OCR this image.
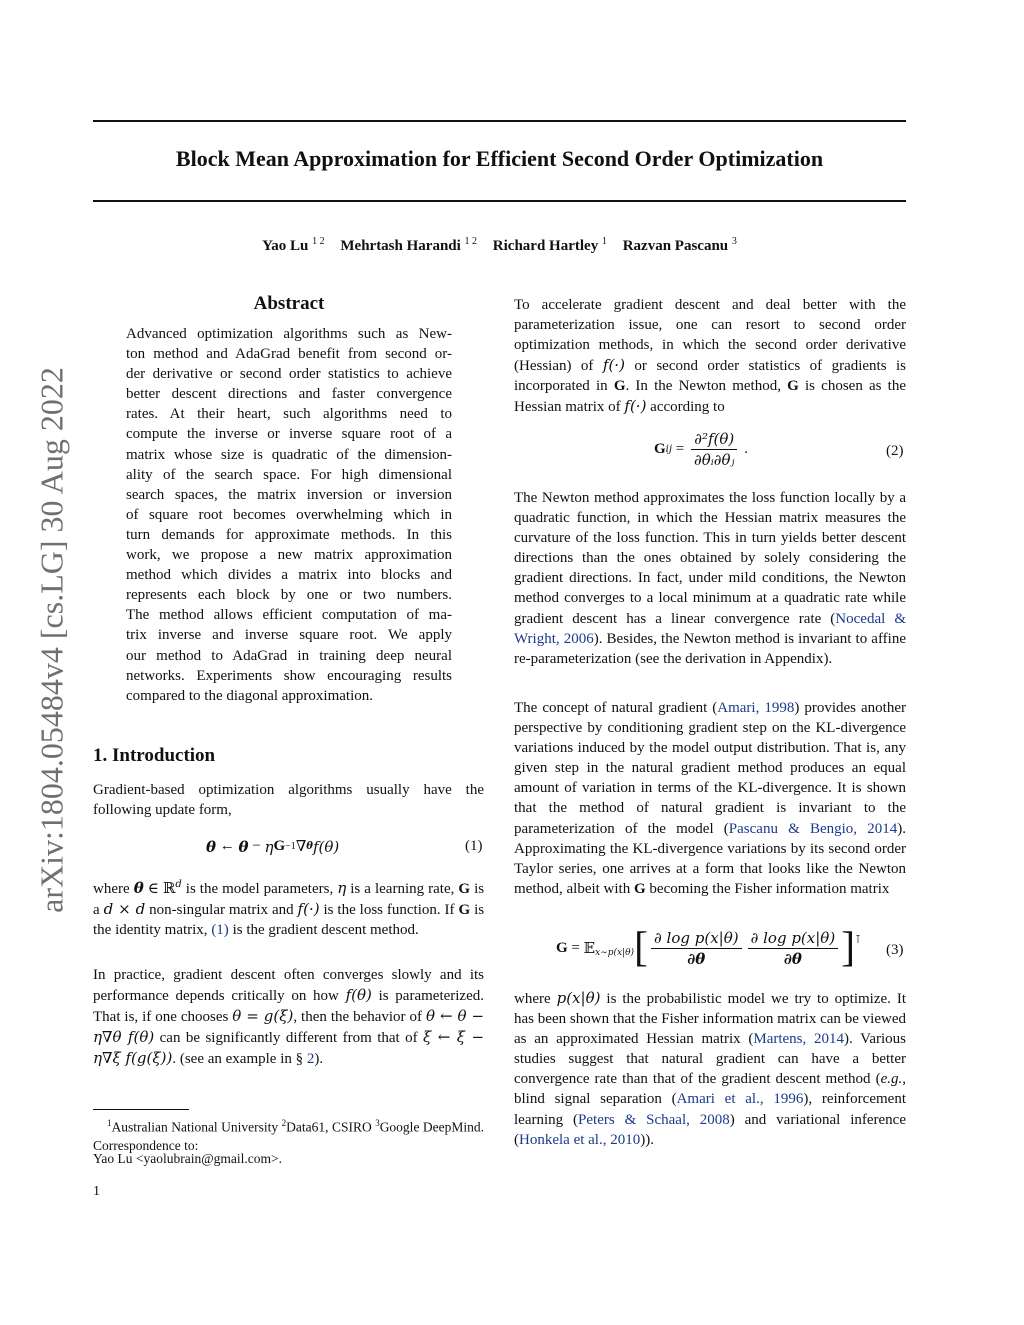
Block Mean Approximation for Efficient Second Order Optimization
Yao Lu $^{1 2}$ Mehrtash Harandi $^{1 2}$ Richard Hartley $^1$ Razvan Pascanu $^3$
arXiv:1804.05484v4 [cs.LG] 30 Aug 2022
Abstract
Advanced optimization algorithms such as New-
ton method and AdaGrad benefit from second or-
der derivative or second order statistics to achieve
better descent directions and faster convergence
rates. At their heart, such algorithms need to
compute the inverse or inverse square root of a
matrix whose size is quadratic of the dimension-
ality of the search space. For high dimensional
search spaces, the matrix inversion or inversion
of square root becomes overwhelming which in
turn demands for approximate methods. In this
work, we propose a new matrix approximation
method which divides a matrix into blocks and
represents each block by one or two numbers.
The method allows efficient computation of ma-
trix inverse and inverse square root. We apply
our method to AdaGrad in training deep neural
networks. Experiments show encouraging results
compared to the diagonal approximation.
1. Introduction
Gradient-based optimization algorithms usually have the following update form,
θ
←
θ
−
η G −1 ∇ θ f (θ)	(1)
where θ ∈ ℝ$^d$ is the model parameters, η is a learning rate, G is a d × d non-singular matrix and f(·) is the loss function. If G is the identity matrix, (1) is the gradient descent method.
In practice, gradient descent often converges slowly and its performance depends critically on how f(θ) is parameterized. That is, if one chooses θ = g(ξ), then the behavior of θ ← θ − η∇θ f(θ) can be significantly different from that of ξ ← ξ − η∇ξ f(g(ξ)). (see an example in § 2).
$^1$Australian National University $^2$Data61, CSIRO $^3$Google DeepMind. Correspondence to:
Yao Lu <yaolubrain@gmail.com>.
1
To accelerate gradient descent and deal better with the parameterization issue, one can resort to second order optimization methods, in which the second order derivative (Hessian) of f(·) or second order statistics of gradients is incorporated in G. In the Newton method, G is chosen as the Hessian matrix of f(·) according to
G ij
=
$\frac{\text{∂²f(θ)}}{\text{∂θᵢ∂θⱼ}}$
.	(2)
The Newton method approximates the loss function locally by a quadratic function, in which the Hessian matrix measures the curvature of the loss function. This in turn yields better descent directions than the ones obtained by solely considering the gradient directions. In fact, under mild conditions, the Newton method converges to a local minimum at a quadratic rate while gradient descent has a linear convergence rate (Nocedal & Wright, 2006). Besides, the Newton method is invariant to affine re-parameterization (see the derivation in Appendix).
The concept of natural gradient (Amari, 1998) provides another perspective by conditioning gradient step on the KL-divergence variations induced by the model output distribution. That is, any given step in the natural gradient method produces an equal amount of variation in terms of the KL-divergence. It is shown that the method of natural gradient is invariant to the parameterization of the model (Pascanu & Bengio, 2014). Approximating the KL-divergence variations by its second order Taylor series, one arrives at a form that looks like the Newton method, albeit with G becoming the Fisher information matrix
G
=
𝔼$_{x\sim p(x|\theta)}$ [ $\frac{\text{∂ log p(x|θ)}}{\partial\theta} \frac{\text{∂ log p(x|θ)}}{\partial\theta} ]^⊺$
(3)
where p(x|θ) is the probabilistic model we try to optimize. It has been shown that the Fisher information matrix can be viewed as an approximated Hessian matrix (Martens, 2014). Various studies suggest that natural gradient can have a better convergence rate than that of the gradient descent method (e.g., blind signal separation (Amari et al., 1996), reinforcement learning (Peters & Schaal, 2008) and variational inference (Honkela et al., 2010)).
